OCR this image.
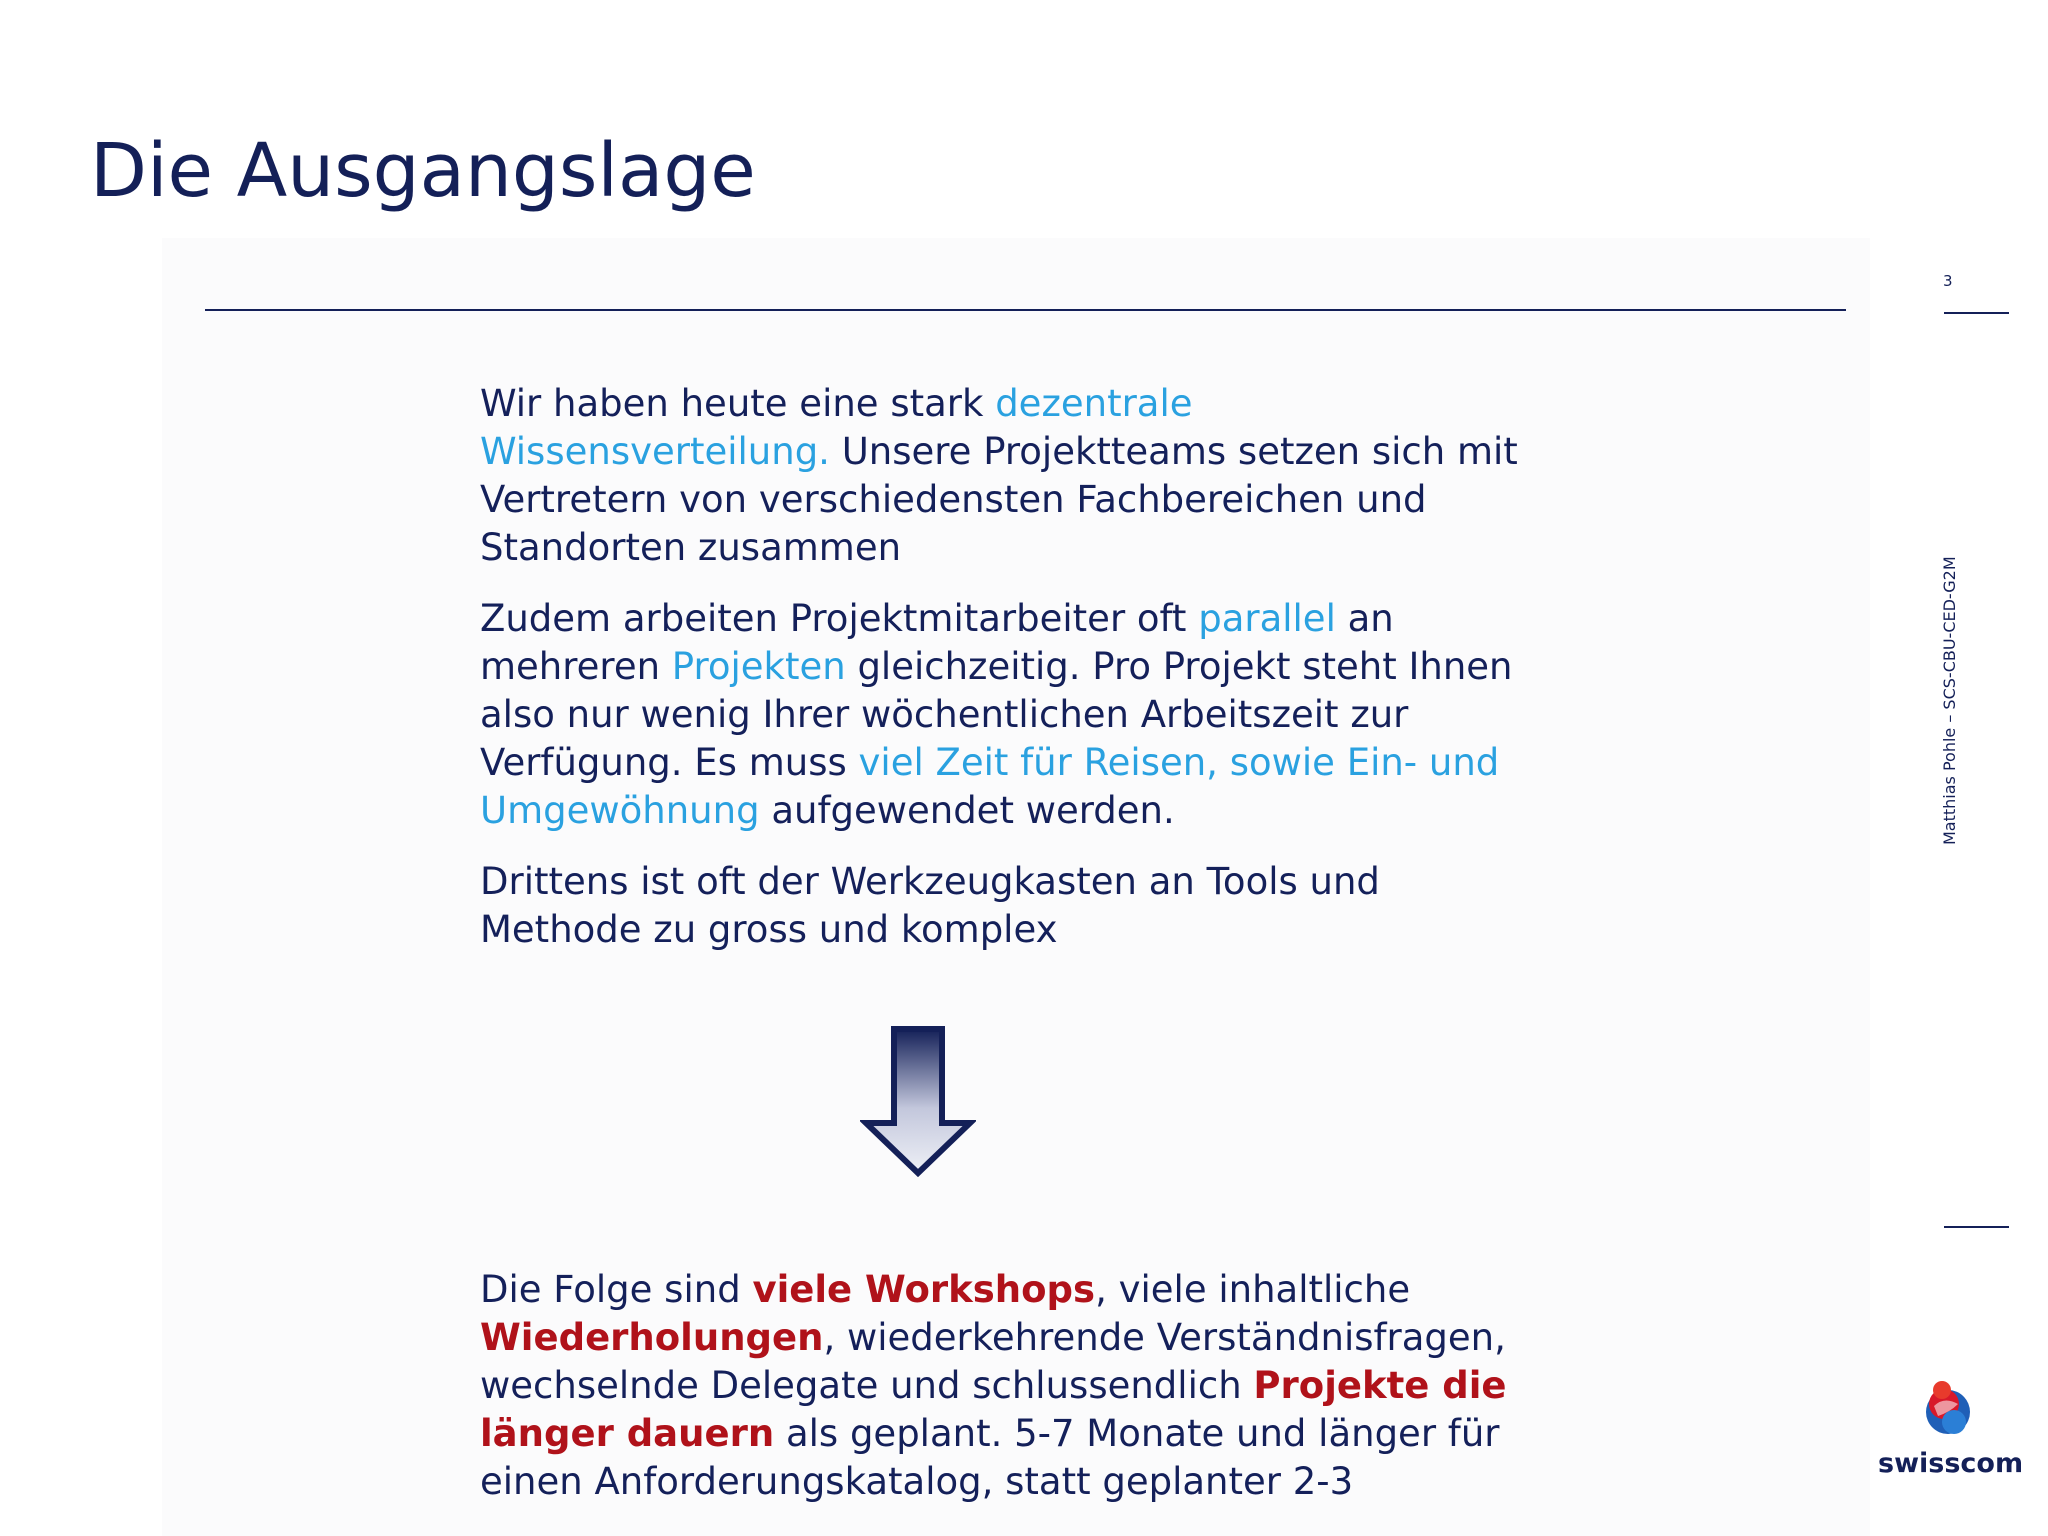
Die Ausgangslage
3
Matthias Pohle – SCS-CBU-CED-G2M

Wir haben heute eine stark dezentrale Wissensverteilung. Unsere Projektteams setzen sich mit Vertretern von verschiedensten Fachbereichen und Standorten zusammen

Zudem arbeiten Projektmitarbeiter oft parallel an mehreren Projekten gleichzeitig. Pro Projekt steht Ihnen also nur wenig Ihrer wöchentlichen Arbeitszeit zur Verfügung. Es muss viel Zeit für Reisen, sowie Ein- und Umgewöhnung aufgewendet werden.

Drittens ist oft der Werkzeugkasten an Tools und Methode zu gross und komplex

Die Folge sind viele Workshops, viele inhaltliche Wiederholungen, wiederkehrende Verständnisfragen, wechselnde Delegate und schlussendlich Projekte die länger dauern als geplant. 5-7 Monate und länger für einen Anforderungskatalog, statt geplanter 2-3	swisscom
